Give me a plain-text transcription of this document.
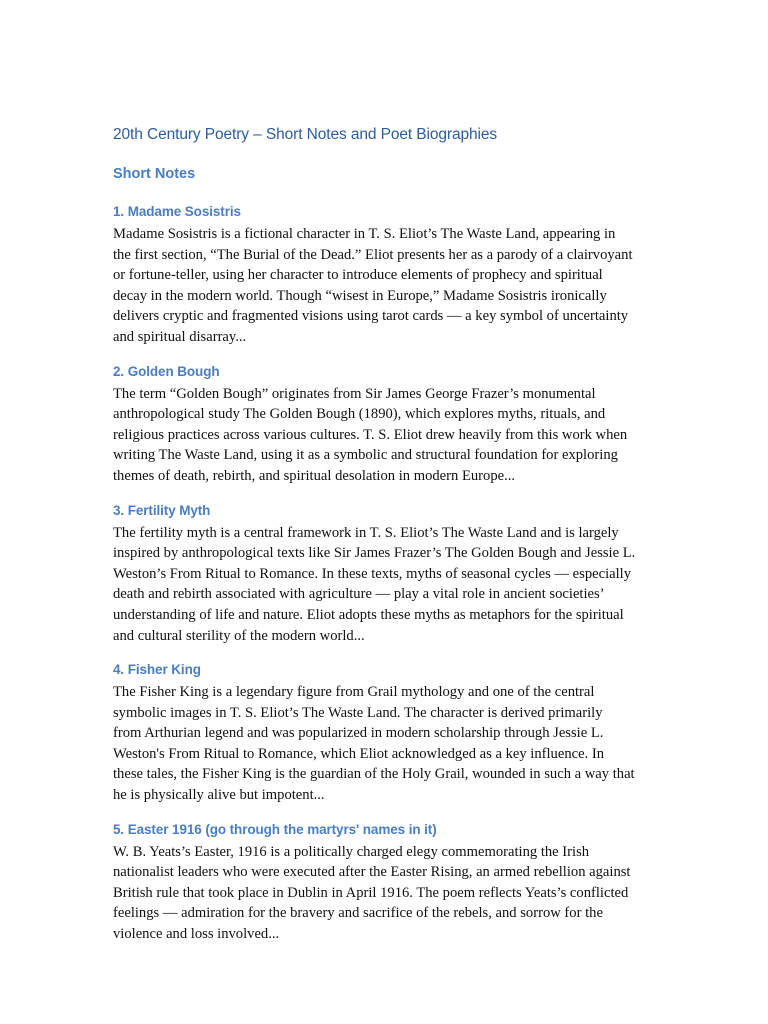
20th Century Poetry – Short Notes and Poet Biographies
Short Notes
1. Madame Sosistris

Madame Sosistris is a fictional character in T. S. Eliot’s The Waste Land, appearing in
the first section, “The Burial of the Dead.” Eliot presents her as a parody of a clairvoyant
or fortune-teller, using her character to introduce elements of prophecy and spiritual
decay in the modern world. Though “wisest in Europe,” Madame Sosistris ironically
delivers cryptic and fragmented visions using tarot cards — a key symbol of uncertainty
and spiritual disarray...

2. Golden Bough

The term “Golden Bough” originates from Sir James George Frazer’s monumental
anthropological study The Golden Bough (1890), which explores myths, rituals, and
religious practices across various cultures. T. S. Eliot drew heavily from this work when
writing The Waste Land, using it as a symbolic and structural foundation for exploring
themes of death, rebirth, and spiritual desolation in modern Europe...

3. Fertility Myth

The fertility myth is a central framework in T. S. Eliot’s The Waste Land and is largely
inspired by anthropological texts like Sir James Frazer’s The Golden Bough and Jessie L.
Weston’s From Ritual to Romance. In these texts, myths of seasonal cycles — especially
death and rebirth associated with agriculture — play a vital role in ancient societies’
understanding of life and nature. Eliot adopts these myths as metaphors for the spiritual
and cultural sterility of the modern world...

4. Fisher King

The Fisher King is a legendary figure from Grail mythology and one of the central
symbolic images in T. S. Eliot’s The Waste Land. The character is derived primarily
from Arthurian legend and was popularized in modern scholarship through Jessie L.
Weston's From Ritual to Romance, which Eliot acknowledged as a key influence. In
these tales, the Fisher King is the guardian of the Holy Grail, wounded in such a way that
he is physically alive but impotent...

5. Easter 1916 (go through the martyrs' names in it)

W. B. Yeats’s Easter, 1916 is a politically charged elegy commemorating the Irish
nationalist leaders who were executed after the Easter Rising, an armed rebellion against
British rule that took place in Dublin in April 1916. The poem reflects Yeats’s conflicted
feelings — admiration for the bravery and sacrifice of the rebels, and sorrow for the
violence and loss involved...
